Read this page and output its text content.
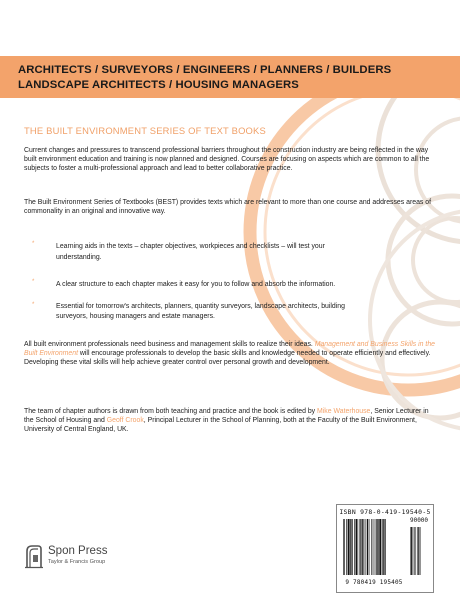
ARCHITECTS / SURVEYORS / ENGINEERS / PLANNERS / BUILDERS
LANDSCAPE ARCHITECTS / HOUSING MANAGERS
THE BUILT ENVIRONMENT SERIES OF TEXT BOOKS
Current changes and pressures to transcend professional barriers throughout the construction industry are being reflected in the way built environment education and training is now planned and designed. Courses are focusing on aspects which are common to all the subjects to foster a multi-professional approach and lead to better collaborative practice.
The Built Environment Series of Textbooks (BEST) provides texts which are relevant to more than one course and addresses areas of commonality in an original and innovative way.
*	Learning aids in the texts – chapter objectives, workpieces and checklists – will test your understanding.
*	A clear structure to each chapter makes it easy for you to follow and absorb the information.
*	Essential for tomorrow's architects, planners, quantity surveyors, landscape architects, building surveyors, housing managers and estate managers.
All built environment professionals need business and management skills to realize their ideas. Management and Business Skills in the Built Environment will encourage professionals to develop the basic skills and knowledge needed to operate efficiently and effectively. Developing these vital skills will help achieve greater control over personal growth and development.
The team of chapter authors is drawn from both teaching and practice and the book is edited by Mike Waterhouse, Senior Lecturer in the School of Housing and Geoff Crook, Principal Lecturer in the School of Planning, both at the Faculty of the Built Environment, University of Central England, UK.
Spon Press
Taylor & Francis Group
ISBN 978-0-419-19540-5
90000
9 780419 195405
